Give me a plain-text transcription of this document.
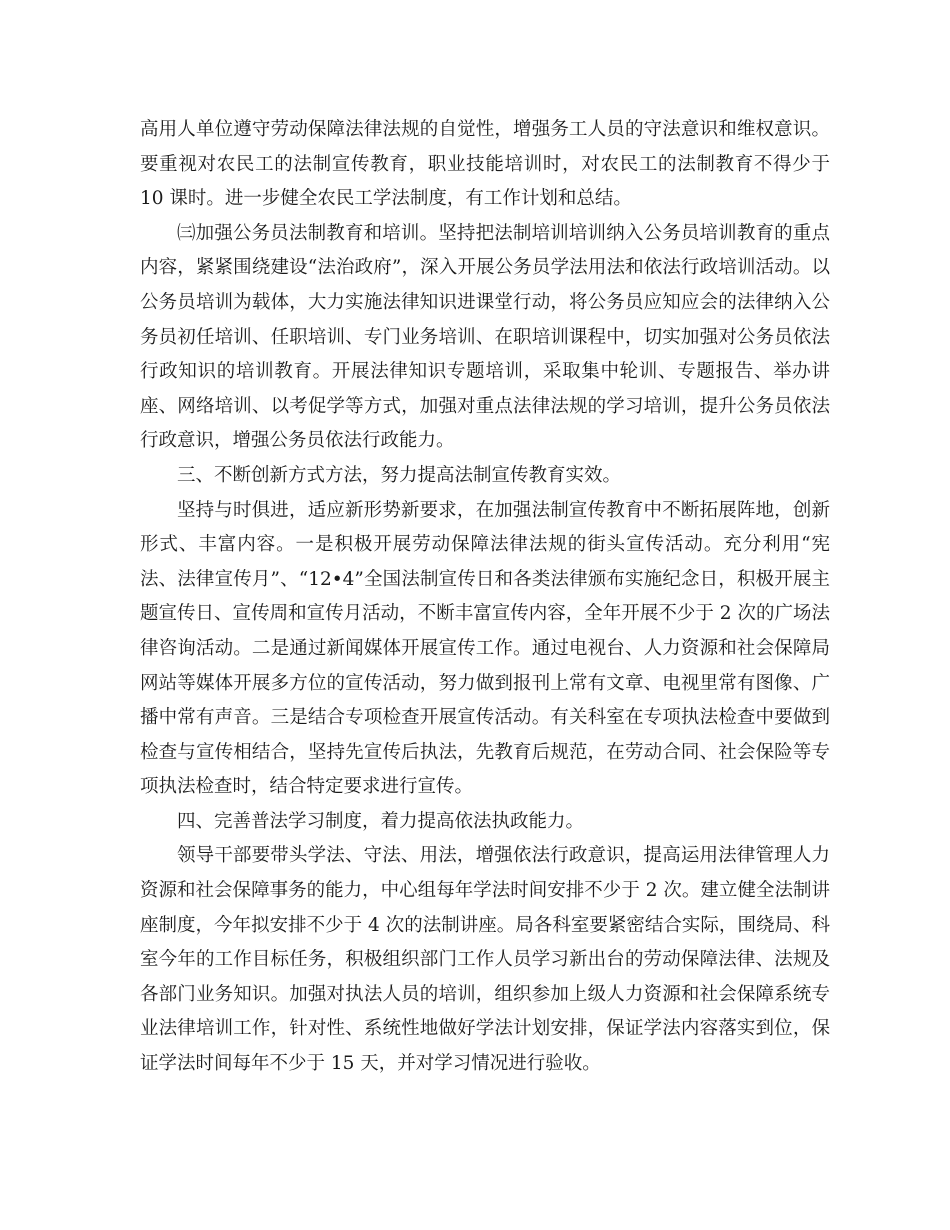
高用人单位遵守劳动保障法律法规的自觉性，增强务工人员的守法意识和维权意识。要重视对农民工的法制宣传教育，职业技能培训时，对农民工的法制教育不得少于 10 课时。进一步健全农民工学法制度，有工作计划和总结。

㈢加强公务员法制教育和培训。坚持把法制培训培训纳入公务员培训教育的重点内容，紧紧围绕建设“法治政府”，深入开展公务员学法用法和依法行政培训活动。以公务员培训为载体，大力实施法律知识进课堂行动，将公务员应知应会的法律纳入公务员初任培训、任职培训、专门业务培训、在职培训课程中，切实加强对公务员依法行政知识的培训教育。开展法律知识专题培训，采取集中轮训、专题报告、举办讲座、网络培训、以考促学等方式，加强对重点法律法规的学习培训，提升公务员依法行政意识，增强公务员依法行政能力。

三、不断创新方式方法，努力提高法制宣传教育实效。

坚持与时俱进，适应新形势新要求，在加强法制宣传教育中不断拓展阵地，创新形式、丰富内容。一是积极开展劳动保障法律法规的街头宣传活动。充分利用“宪法、法律宣传月”、“12•4”全国法制宣传日和各类法律颁布实施纪念日，积极开展主题宣传日、宣传周和宣传月活动，不断丰富宣传内容，全年开展不少于 2 次的广场法律咨询活动。二是通过新闻媒体开展宣传工作。通过电视台、人力资源和社会保障局网站等媒体开展多方位的宣传活动，努力做到报刊上常有文章、电视里常有图像、广播中常有声音。三是结合专项检查开展宣传活动。有关科室在专项执法检查中要做到检查与宣传相结合，坚持先宣传后执法，先教育后规范，在劳动合同、社会保险等专项执法检查时，结合特定要求进行宣传。

四、完善普法学习制度，着力提高依法执政能力。

领导干部要带头学法、守法、用法，增强依法行政意识，提高运用法律管理人力资源和社会保障事务的能力，中心组每年学法时间安排不少于 2 次。建立健全法制讲座制度，今年拟安排不少于 4 次的法制讲座。局各科室要紧密结合实际，围绕局、科室今年的工作目标任务，积极组织部门工作人员学习新出台的劳动保障法律、法规及各部门业务知识。加强对执法人员的培训，组织参加上级人力资源和社会保障系统专业法律培训工作，针对性、系统性地做好学法计划安排，保证学法内容落实到位，保证学法时间每年不少于 15 天，并对学习情况进行验收。
